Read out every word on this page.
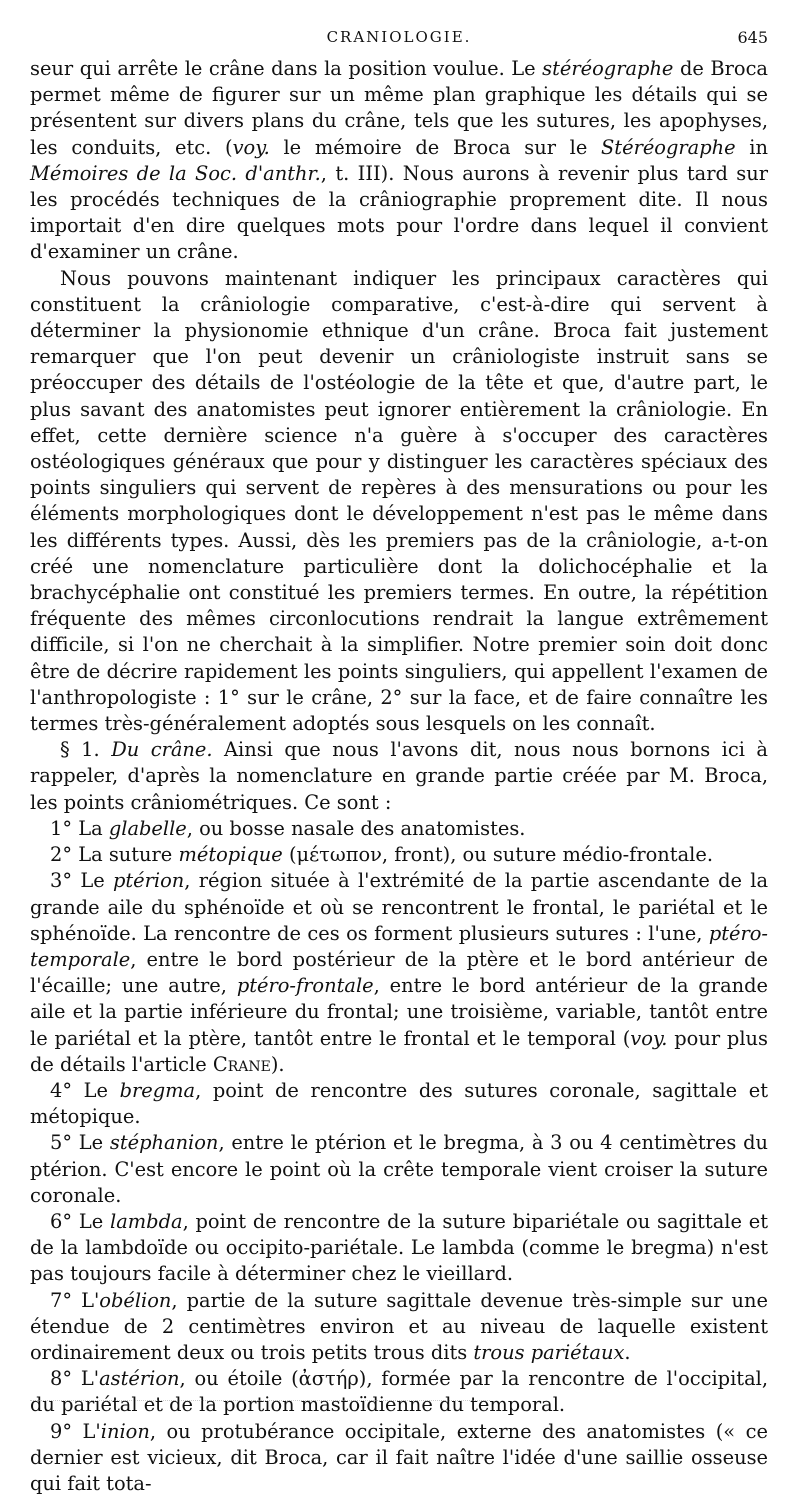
CRANIOLOGIE.	645

seur qui arrête le crâne dans la position voulue. Le stéréographe de Broca permet même de figurer sur un même plan graphique les détails qui se présentent sur divers plans du crâne, tels que les sutures, les apophyses, les conduits, etc. (voy. le mémoire de Broca sur le Stéréographe in Mémoires de la Soc. d'anthr., t. III). Nous aurons à revenir plus tard sur les procédés techniques de la crâniographie proprement dite. Il nous importait d'en dire quelques mots pour l'ordre dans lequel il convient d'examiner un crâne.

Nous pouvons maintenant indiquer les principaux caractères qui constituent la crâniologie comparative, c'est-à-dire qui servent à déterminer la physionomie ethnique d'un crâne. Broca fait justement remarquer que l'on peut devenir un crâniologiste instruit sans se préoccuper des détails de l'ostéologie de la tête et que, d'autre part, le plus savant des anatomistes peut ignorer entièrement la crâniologie. En effet, cette dernière science n'a guère à s'occuper des caractères ostéologiques généraux que pour y distinguer les caractères spéciaux des points singuliers qui servent de repères à des mensurations ou pour les éléments morphologiques dont le développement n'est pas le même dans les différents types. Aussi, dès les premiers pas de la crâniologie, a-t-on créé une nomenclature particulière dont la dolichocéphalie et la brachycéphalie ont constitué les premiers termes. En outre, la répétition fréquente des mêmes circonlocutions rendrait la langue extrêmement difficile, si l'on ne cherchait à la simplifier. Notre premier soin doit donc être de décrire rapidement les points singuliers, qui appellent l'examen de l'anthropologiste : 1° sur le crâne, 2° sur la face, et de faire connaître les termes très-généralement adoptés sous lesquels on les connaît.

§ 1. Du crâne. Ainsi que nous l'avons dit, nous nous bornons ici à rappeler, d'après la nomenclature en grande partie créée par M. Broca, les points crâniométriques. Ce sont :

1° La glabelle, ou bosse nasale des anatomistes.

2° La suture métopique (μέτωπον, front), ou suture médio-frontale.

3° Le ptérion, région située à l'extrémité de la partie ascendante de la grande aile du sphénoïde et où se rencontrent le frontal, le pariétal et le sphénoïde. La rencontre de ces os forment plusieurs sutures : l'une, ptéro-temporale, entre le bord postérieur de la ptère et le bord antérieur de l'écaille; une autre, ptéro-frontale, entre le bord antérieur de la grande aile et la partie inférieure du frontal; une troisième, variable, tantôt entre le pariétal et la ptère, tantôt entre le frontal et le temporal (voy. pour plus de détails l'article Crane).

4° Le bregma, point de rencontre des sutures coronale, sagittale et métopique.

5° Le stéphanion, entre le ptérion et le bregma, à 3 ou 4 centimètres du ptérion. C'est encore le point où la crête temporale vient croiser la suture coronale.

6° Le lambda, point de rencontre de la suture bipariétale ou sagittale et de la lambdoïde ou occipito-pariétale. Le lambda (comme le bregma) n'est pas toujours facile à déterminer chez le vieillard.

7° L'obélion, partie de la suture sagittale devenue très-simple sur une étendue de 2 centimètres environ et au niveau de laquelle existent ordinairement deux ou trois petits trous dits trous pariétaux.

8° L'astérion, ou étoile (ἀστήρ), formée par la rencontre de l'occipital, du pariétal et de la portion mastoïdienne du temporal.

9° L'inion, ou protubérance occipitale, externe des anatomistes (« ce dernier est vicieux, dit Broca, car il fait naître l'idée d'une saillie osseuse qui fait tota-
